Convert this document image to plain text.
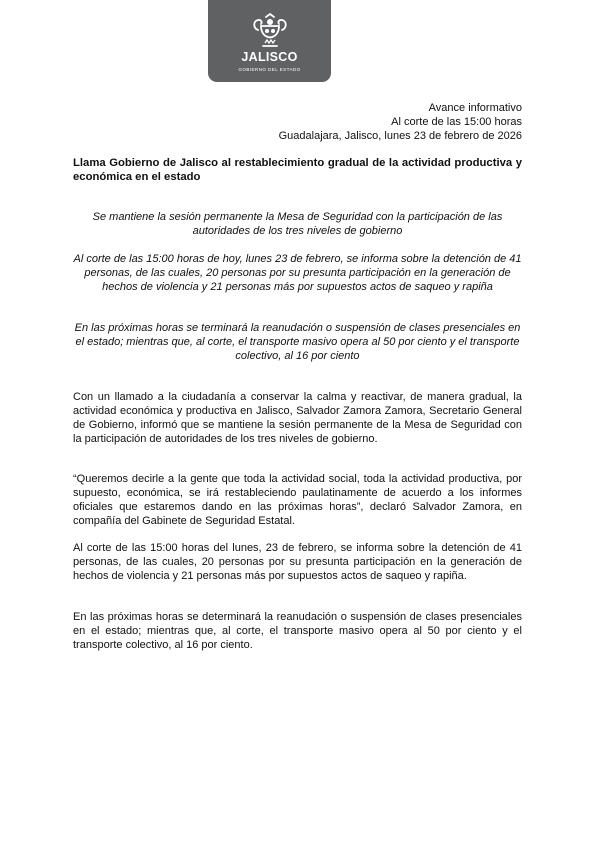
JALISCO
GOBIERNO DEL ESTADO
Avance informativo
Al corte de las 15:00 horas
Guadalajara, Jalisco, lunes 23 de febrero de 2026
Llama Gobierno de Jalisco al restablecimiento gradual de la actividad productiva y económica en el estado
Se mantiene la sesión permanente la Mesa de Seguridad con la participación de las autoridades de los tres niveles de gobierno
Al corte de las 15:00 horas de hoy, lunes 23 de febrero, se informa sobre la detención de 41 personas, de las cuales, 20 personas por su presunta participación en la generación de hechos de violencia y 21 personas más por supuestos actos de saqueo y rapiña
En las próximas horas se terminará la reanudación o suspensión de clases presenciales en el estado; mientras que, al corte, el transporte masivo opera al 50 por ciento y el transporte colectivo, al 16 por ciento
Con un llamado a la ciudadanía a conservar la calma y reactivar, de manera gradual, la actividad económica y productiva en Jalisco, Salvador Zamora Zamora, Secretario General de Gobierno, informó que se mantiene la sesión permanente de la Mesa de Seguridad con la participación de autoridades de los tres niveles de gobierno.
“Queremos decirle a la gente que toda la actividad social, toda la actividad productiva, por supuesto, económica, se irá restableciendo paulatinamente de acuerdo a los informes oficiales que estaremos dando en las próximas horas”, declaró Salvador Zamora, en compañía del Gabinete de Seguridad Estatal.
Al corte de las 15:00 horas del lunes, 23 de febrero, se informa sobre la detención de 41 personas, de las cuales, 20 personas por su presunta participación en la generación de hechos de violencia y 21 personas más por supuestos actos de saqueo y rapiña.
En las próximas horas se determinará la reanudación o suspensión de clases presenciales en el estado; mientras que, al corte, el transporte masivo opera al 50 por ciento y el transporte colectivo, al 16 por ciento.
